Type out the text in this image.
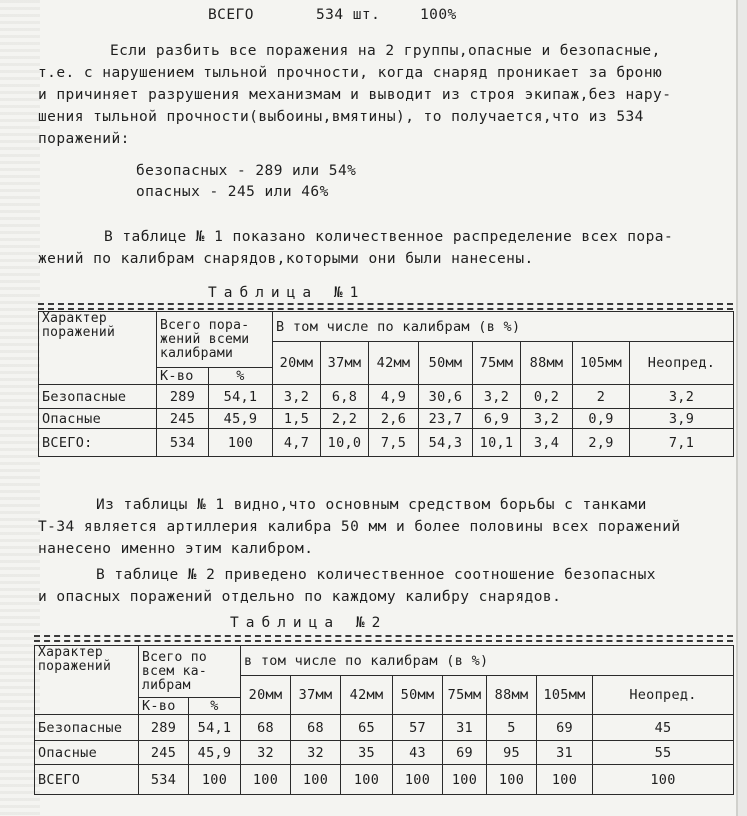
ВСЕГО	534 шт.	100%
Если разбить все поражения на 2 группы,опасные и безопасные,
т.е. с нарушением тыльной прочности, когда снаряд проникает за броню
и причиняет разрушения механизмам и выводит из строя экипаж,без нару-
шения тыльной прочности(выбоины,вмятины), то получается,что из 534
поражений:
безопасных - 289 или 54%
опасных - 245 или 46%
В таблице № 1 показано количественное распределение всех пора-
жений по калибрам снарядов,которыми они были нанесены.
Таблица №1
Характер поражений	Всего пора- жений всеми калибрами		В том числе по калибрам (в %)							
			20мм	37мм	42мм	50мм	75мм	88мм	105мм	Неопред.
	К-во	%								
Безопасные	289	54,1	3,2	6,8	4,9	30,6	3,2	0,2	2	3,2
Опасные	245	45,9	1,5	2,2	2,6	23,7	6,9	3,2	0,9	3,9
ВСЕГО:	534	100	4,7	10,0	7,5	54,3	10,1	3,4	2,9	7,1
Из таблицы № 1 видно,что основным средством борьбы с танками
Т-34 является артиллерия калибра 50 мм и более половины всех поражений
нанесено именно этим калибром.
В таблице № 2 приведено количественное соотношение безопасных
и опасных поражений отдельно по каждому калибру снарядов.
Таблица №2
Характер поражений	Всего по всем ка- либрам		в том числе по калибрам (в %)							
			20мм	37мм	42мм	50мм	75мм	88мм	105мм	Неопред.
	К-во	%								
Безопасные	289	54,1	68	68	65	57	31	5	69	45
Опасные	245	45,9	32	32	35	43	69	95	31	55
ВСЕГО	534	100	100	100	100	100	100	100	100	100
